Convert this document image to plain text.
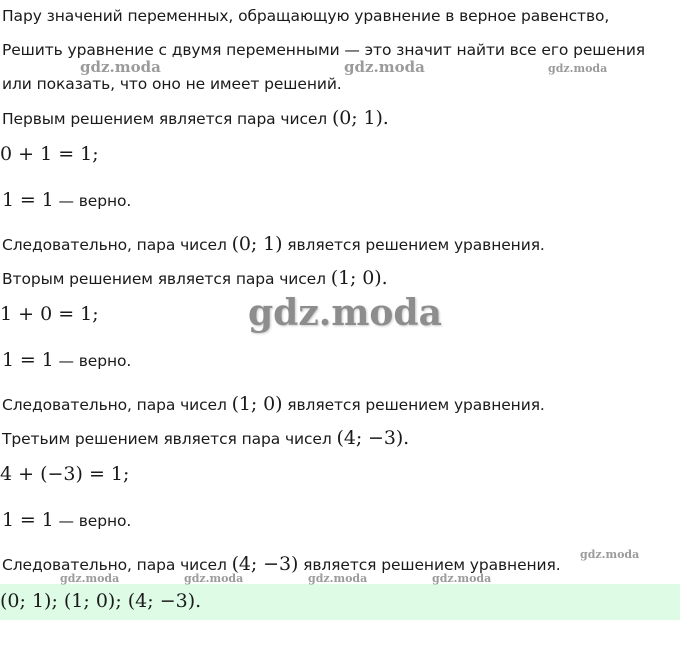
Пару значений переменных, обращающую уравнение в верное равенство,
Решить уравнение с двумя переменными — это значит найти все его решения
или показать, что оно не имеет решений.
Первым решением является пара чисел (0; 1).
0 + 1 = 1;
1 = 1 — верно.
Следовательно, пара чисел (0; 1) является решением уравнения.
Вторым решением является пара чисел (1; 0).
1 + 0 = 1;
1 = 1 — верно.
Следовательно, пара чисел (1; 0) является решением уравнения.
Третьим решением является пара чисел (4; −3).
4 + (−3) = 1;
1 = 1 — верно.
Следовательно, пара чисел (4; −3) является решением уравнения.
(0; 1); (1; 0); (4; −3).
gdz.moda	gdz.moda	gdz.moda
gdz.moda
gdz.moda
gdz.moda	gdz.moda	gdz.moda	gdz.moda
